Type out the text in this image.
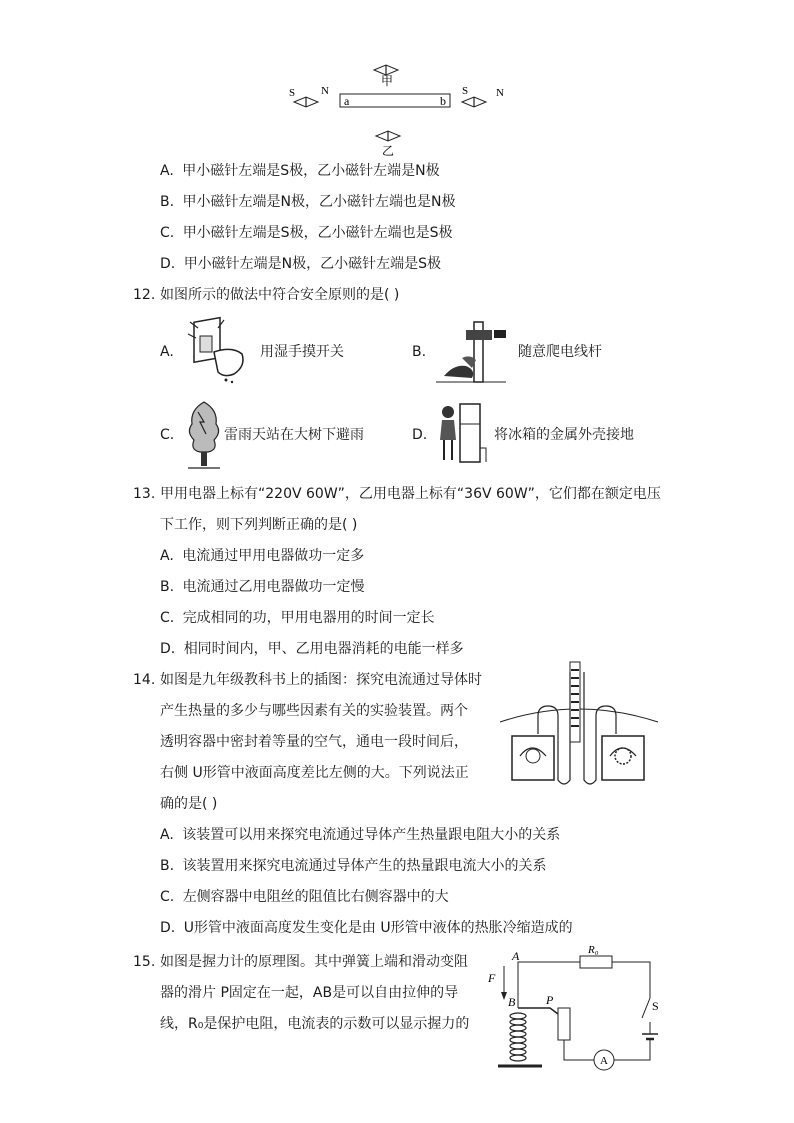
甲
a	b
S N	S	N
乙
A. 甲小磁针左端是S极，乙小磁针左端是N极
B. 甲小磁针左端是N极，乙小磁针左端也是N极
C. 甲小磁针左端是S极，乙小磁针左端也是S极
D. 甲小磁针左端是N极，乙小磁针左端是S极
12. 如图所示的做法中符合安全原则的是( )
A.	用湿手摸开关	B.	随意爬电线杆
C.	雷雨天站在大树下避雨	D.	将冰箱的金属外壳接地
13. 甲用电器上标有“220V 60W”，乙用电器上标有“36V 60W”，它们都在额定电压
下工作，则下列判断正确的是( )
A. 电流通过甲用电器做功一定多
B. 电流通过乙用电器做功一定慢
C. 完成相同的功，甲用电器用的时间一定长
D. 相同时间内，甲、乙用电器消耗的电能一样多
14. 如图是九年级教科书上的插图：探究电流通过导体时
产生热量的多少与哪些因素有关的实验装置。两个
透明容器中密封着等量的空气，通电一段时间后，
右侧 U形管中液面高度差比左侧的大。下列说法正
确的是( )
A. 该装置可以用来探究电流通过导体产生热量跟电阻大小的关系
B. 该装置用来探究电流通过导体产生的热量跟电流大小的关系
C. 左侧容器中电阻丝的阻值比右侧容器中的大
D. U形管中液面高度发生变化是由 U形管中液体的热胀冷缩造成的
15. 如图是握力计的原理图。其中弹簧上端和滑动变阻
器的滑片 P固定在一起，AB是可以自由拉伸的导
线，R₀是保护电阻，电流表的示数可以显示握力的
A
A
F
B	P
R₀
S
